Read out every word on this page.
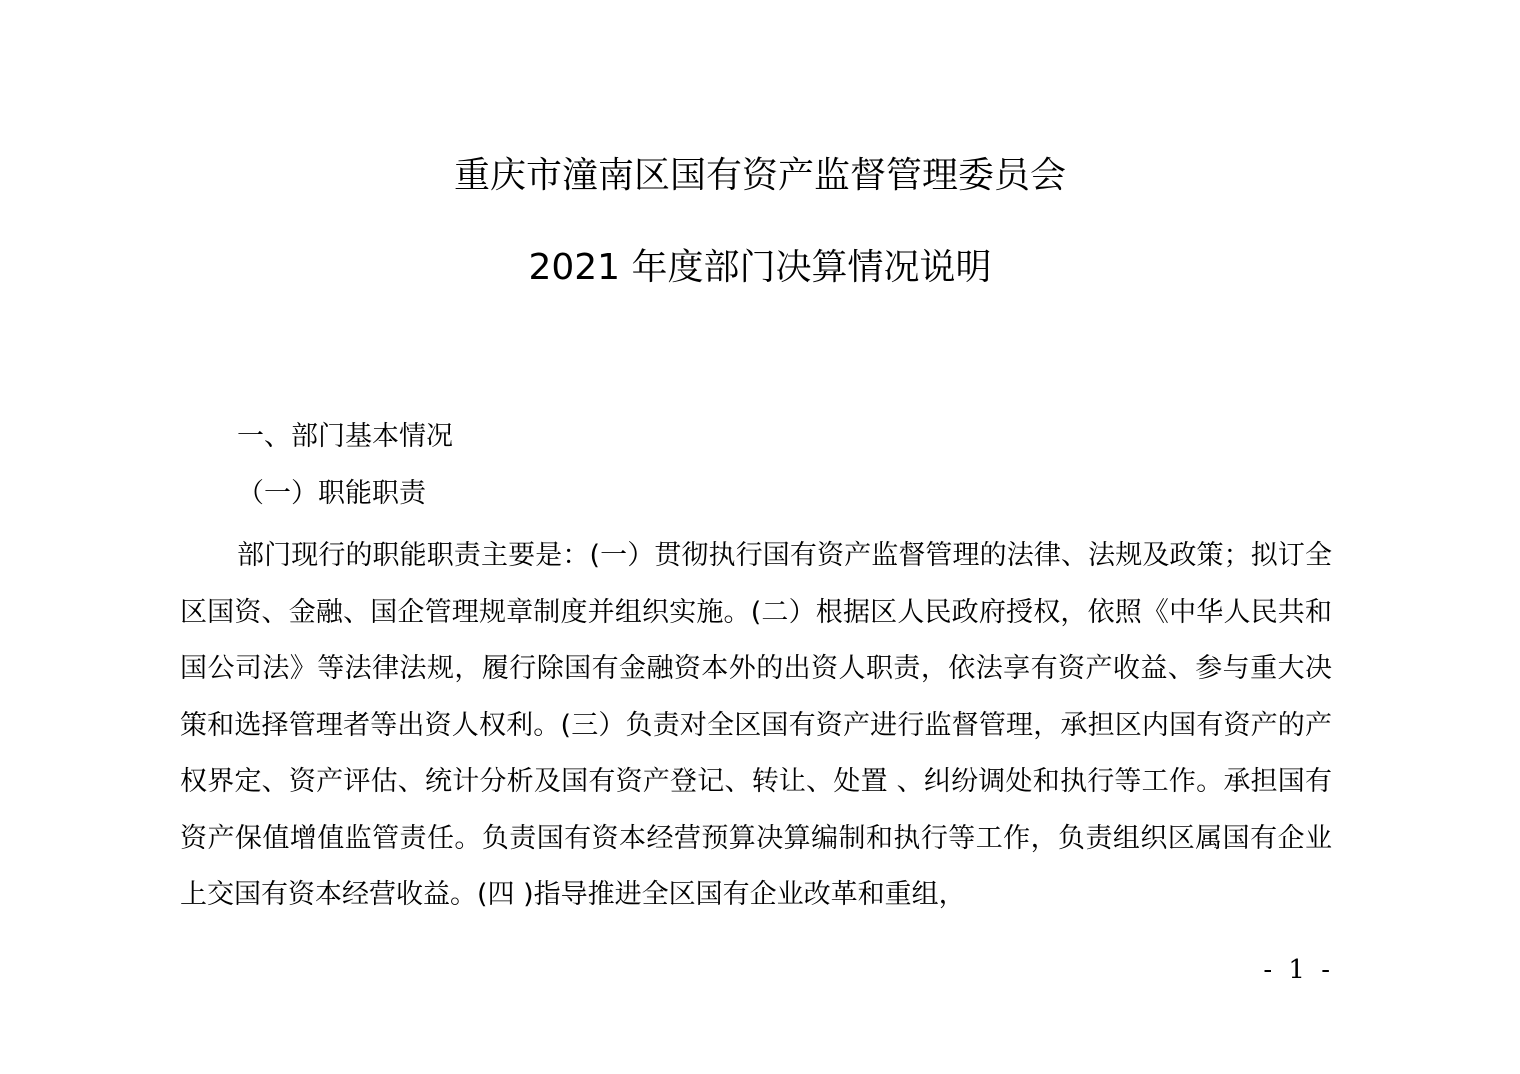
重庆市潼南区国有资产监督管理委员会
2021 年度部门决算情况说明
一、部门基本情况
（一）职能职责

部门现行的职能职责主要是：(一）贯彻执行国有资产监督管理的法律、法规及政策；拟订全区国资、金融、国企管理规章制度并组织实施。(二）根据区人民政府授权，依照《中华人民共和国公司法》等法律法规，履行除国有金融资本外的出资人职责，依法享有资产收益、参与重大决策和选择管理者等出资人权利。(三）负责对全区国有资产进行监督管理，承担区内国有资产的产权界定、资产评估、统计分析及国有资产登记、转让、处置 、纠纷调处和执行等工作。承担国有资产保值增值监管责任。负责国有资本经营预算决算编制和执行等工作，负责组织区属国有企业上交国有资本经营收益。(四 )指导推进全区国有企业改革和重组，

- 1 -
